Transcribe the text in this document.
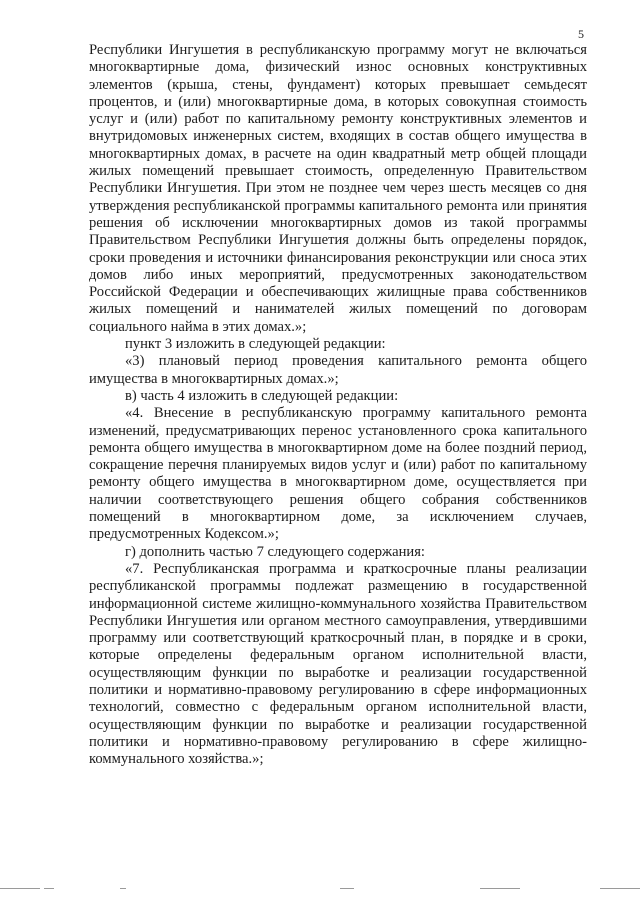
5

Республики Ингушетия в республиканскую программу могут не включаться многоквартирные дома, физический износ основных конструктивных элементов (крыша, стены, фундамент) которых превышает семьдесят процентов, и (или) многоквартирные дома, в которых совокупная стоимость услуг и (или) работ по капитальному ремонту конструктивных элементов и внутридомовых инженерных систем, входящих в состав общего имущества в многоквартирных домах, в расчете на один квадратный метр общей площади жилых помещений превышает стоимость, определенную Правительством Республики Ингушетия. При этом не позднее чем через шесть месяцев со дня утверждения республиканской программы капитального ремонта или принятия решения об исключении многоквартирных домов из такой программы Правительством Республики Ингушетия должны быть определены порядок, сроки проведения и источники финансирования реконструкции или сноса этих домов либо иных мероприятий, предусмотренных законодательством Российской Федерации и обеспечивающих жилищные права собственников жилых помещений и нанимателей жилых помещений по договорам социального найма в этих домах.»;

пункт 3 изложить в следующей редакции:

«3) плановый период проведения капитального ремонта общего имущества в многоквартирных домах.»;

в) часть 4 изложить в следующей редакции:

«4. Внесение в республиканскую программу капитального ремонта изменений, предусматривающих перенос установленного срока капитального ремонта общего имущества в многоквартирном доме на более поздний период, сокращение перечня планируемых видов услуг и (или) работ по капитальному ремонту общего имущества в многоквартирном доме, осуществляется при наличии соответствующего решения общего собрания собственников помещений в многоквартирном доме, за исключением случаев, предусмотренных Кодексом.»;

г) дополнить частью 7 следующего содержания:

«7. Республиканская программа и краткосрочные планы реализации республиканской программы подлежат размещению в государственной информационной системе жилищно-коммунального хозяйства Правительством Республики Ингушетия или органом местного самоуправления, утвердившими программу или соответствующий краткосрочный план, в порядке и в сроки, которые определены федеральным органом исполнительной власти, осуществляющим функции по выработке и реализации государственной политики и нормативно-правовому регулированию в сфере информационных технологий, совместно с федеральным органом исполнительной власти, осуществляющим функции по выработке и реализации государственной политики и нормативно-правовому регулированию в сфере жилищно-коммунального хозяйства.»;
